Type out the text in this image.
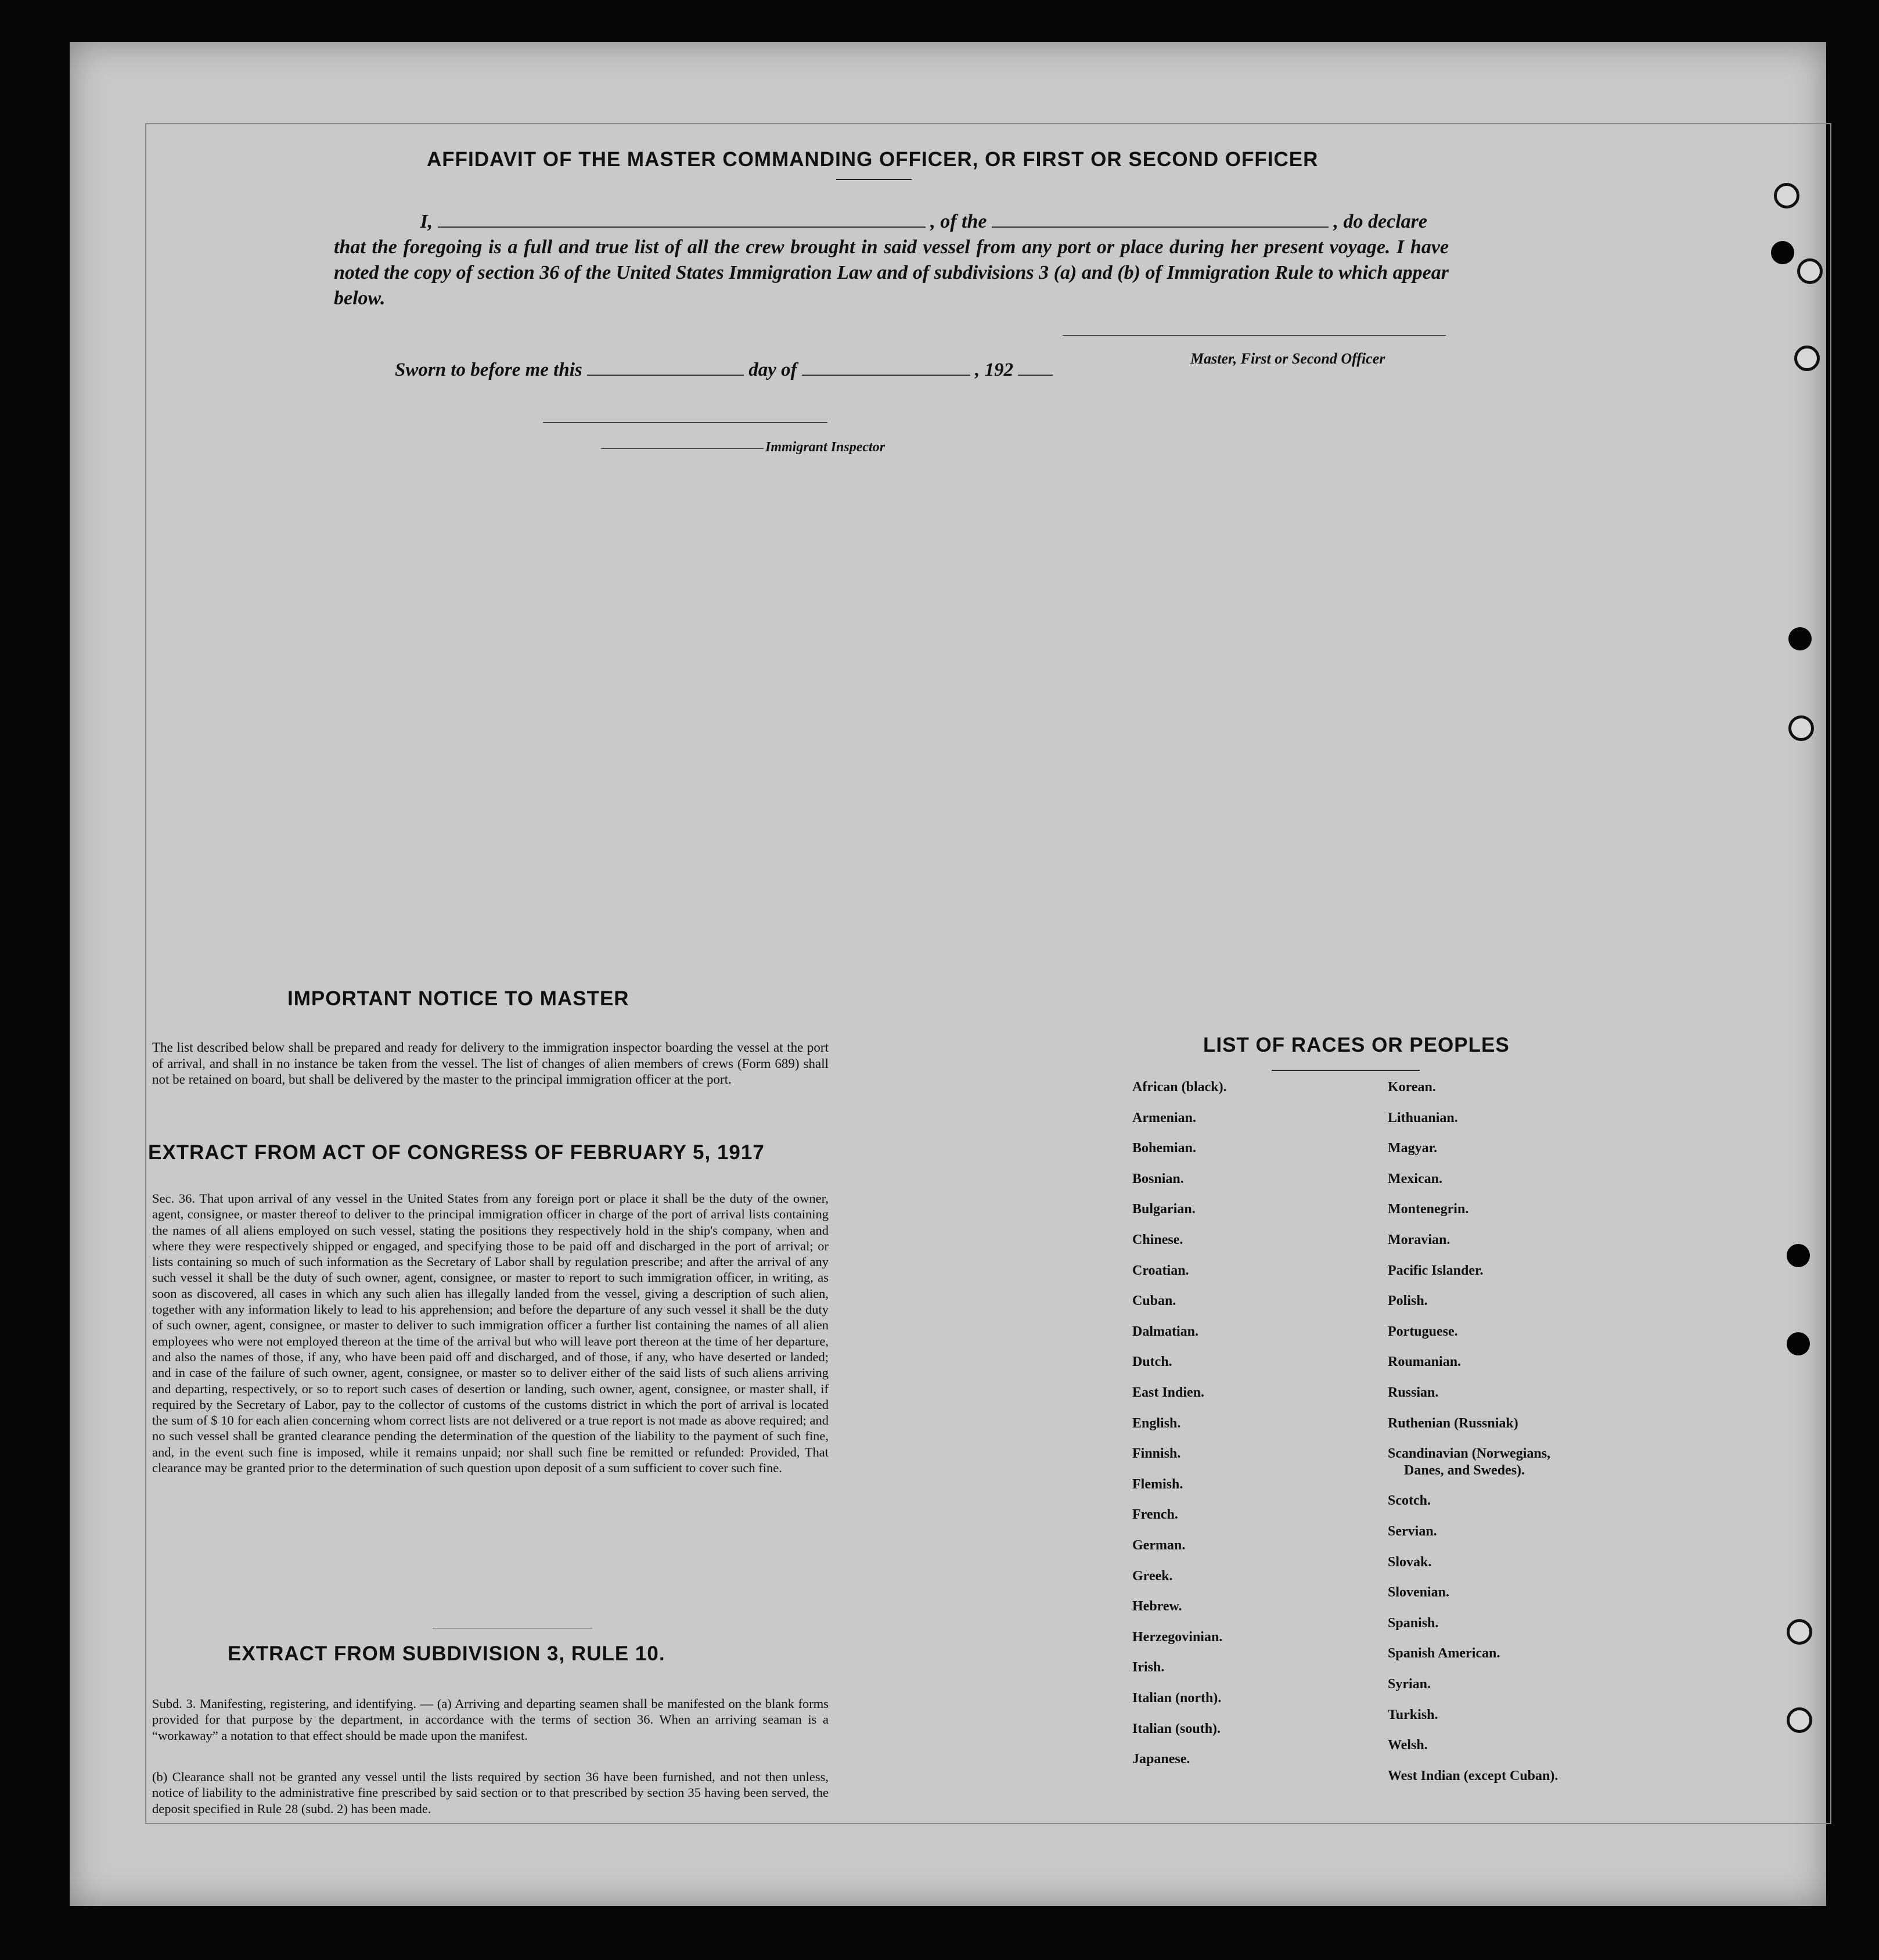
AFFIDAVIT OF THE MASTER COMMANDING OFFICER, OR FIRST OR SECOND OFFICER
I,	, of the	, do declare
that the foregoing is a full and true list of all the crew brought in said vessel from any port or place during her present voyage. I have noted the copy of section 36 of the United States Immigration Law and of subdivisions 3 (a) and (b) of Immigration Rule to which appear below.
Master, First or Second Officer
Sworn to before me this	day of	, 192
Immigrant Inspector
IMPORTANT NOTICE TO MASTER
The list described below shall be prepared and ready for delivery to the immigration inspector boarding the vessel at the port of arrival, and shall in no instance be taken from the vessel. The list of changes of alien members of crews (Form 689) shall not be retained on board, but shall be delivered by the master to the principal immigration officer at the port.
EXTRACT FROM ACT OF CONGRESS OF FEBRUARY 5, 1917
Sec. 36. That upon arrival of any vessel in the United States from any foreign port or place it shall be the duty of the owner, agent, consignee, or master thereof to deliver to the principal immigration officer in charge of the port of arrival lists containing the names of all aliens employed on such vessel, stating the positions they respectively hold in the ship's company, when and where they were respectively shipped or engaged, and specifying those to be paid off and discharged in the port of arrival; or lists containing so much of such information as the Secretary of Labor shall by regulation prescribe; and after the arrival of any such vessel it shall be the duty of such owner, agent, consignee, or master to report to such immigration officer, in writing, as soon as discovered, all cases in which any such alien has illegally landed from the vessel, giving a description of such alien, together with any information likely to lead to his apprehension; and before the departure of any such vessel it shall be the duty of such owner, agent, consignee, or master to deliver to such immigration officer a further list containing the names of all alien employees who were not employed thereon at the time of the arrival but who will leave port thereon at the time of her departure, and also the names of those, if any, who have been paid off and discharged, and of those, if any, who have deserted or landed; and in case of the failure of such owner, agent, consignee, or master so to deliver either of the said lists of such aliens arriving and departing, respectively, or so to report such cases of desertion or landing, such owner, agent, consignee, or master shall, if required by the Secretary of Labor, pay to the collector of customs of the customs district in which the port of arrival is located the sum of $ 10 for each alien concerning whom correct lists are not delivered or a true report is not made as above required; and no such vessel shall be granted clearance pending the determination of the question of the liability to the payment of such fine, and, in the event such fine is imposed, while it remains unpaid; nor shall such fine be remitted or refunded: Provided, That clearance may be granted prior to the determination of such question upon deposit of a sum sufficient to cover such fine.
EXTRACT FROM SUBDIVISION 3, RULE 10.
Subd. 3. Manifesting, registering, and identifying. — (a) Arriving and departing seamen shall be manifested on the blank forms provided for that purpose by the department, in accordance with the terms of section 36. When an arriving seaman is a “workaway” a notation to that effect should be made upon the manifest.
(b) Clearance shall not be granted any vessel until the lists required by section 36 have been furnished, and not then unless, notice of liability to the administrative fine prescribed by said section or to that prescribed by section 35 having been served, the deposit specified in Rule 28 (subd. 2) has been made.
LIST OF RACES OR PEOPLES
African (black).
Armenian.
Bohemian.
Bosnian.
Bulgarian.
Chinese.
Croatian.
Cuban.
Dalmatian.
Dutch.
East Indien.
English.
Finnish.
Flemish.
French.
German.
Greek.
Hebrew.
Herzegovinian.
Irish.
Italian (north).
Italian (south).
Japanese.
Korean.
Lithuanian.
Magyar.
Mexican.
Montenegrin.
Moravian.
Pacific Islander.
Polish.
Portuguese.
Roumanian.
Russian.
Ruthenian (Russniak)
Scandinavian (Norwegians,
Danes, and Swedes).
Scotch.
Servian.
Slovak.
Slovenian.
Spanish.
Spanish American.
Syrian.
Turkish.
Welsh.
West Indian (except Cuban).
